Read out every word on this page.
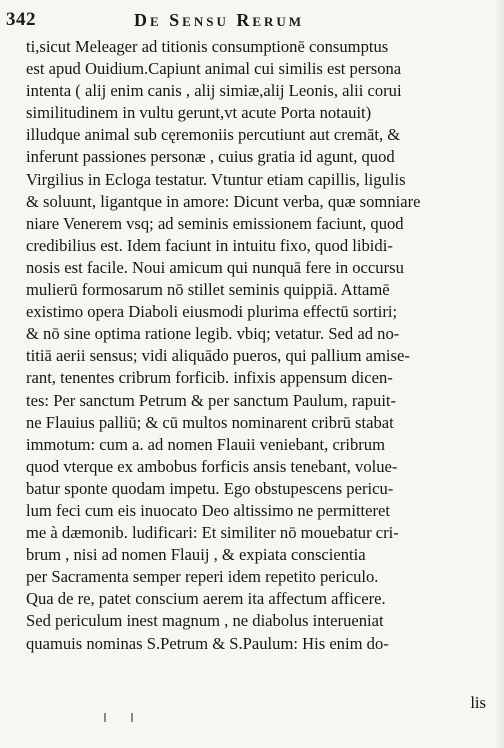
342	De Sensu Rerum
ti,sicut Meleager ad titionis consumptionē consumptus
est apud Ouidium.Capiunt animal cui similis est persona
intenta ( alij enim canis , alij simiæ,alij Leonis, alii corui
similitudinem in vultu gerunt,vt acute Porta notauit)
illudque animal sub cęremoniis percutiunt aut cremāt, &
inferunt passiones personæ , cuius gratia id agunt, quod
Virgilius in Ecloga testatur. Vtuntur etiam capillis, ligulis
& soluunt, ligantque in amore: Dicunt verba, quæ somniare
niare Venerem vsq; ad seminis emissionem faciunt, quod
credibilius est. Idem faciunt in intuitu fixo, quod libidi-
nosis est facile. Noui amicum qui nunquā fere in occursu
mulierū formosarum nō stillet seminis quippiā. Attamē
existimo opera Diaboli eiusmodi plurima effectū sortiri;
& nō sine optima ratione legib. vbiq; vetatur. Sed ad no-
titiā aerii sensus; vidi aliquādo pueros, qui pallium amise-
rant, tenentes cribrum forficib. infixis appensum dicen-
tes: Per sanctum Petrum & per sanctum Paulum, rapuit-
ne Flauius palliū; & cū multos nominarent cribrū stabat
immotum: cum a. ad nomen Flauii veniebant, cribrum
quod vterque ex ambobus forficis ansis tenebant, volue-
batur sponte quodam impetu. Ego obstupescens pericu-
lum feci cum eis inuocato Deo altissimo ne permitteret
me à dæmonib. ludificari: Et similiter nō mouebatur cri-
brum , nisi ad nomen Flauij , & expiata conscientia
per Sacramenta semper reperi idem repetito periculo.
Qua de re, patet conscium aerem ita affectum afficere.
Sed periculum inest magnum , ne diabolus interueniat
quamuis nominas S.Petrum & S.Paulum: His enim do-
lis
